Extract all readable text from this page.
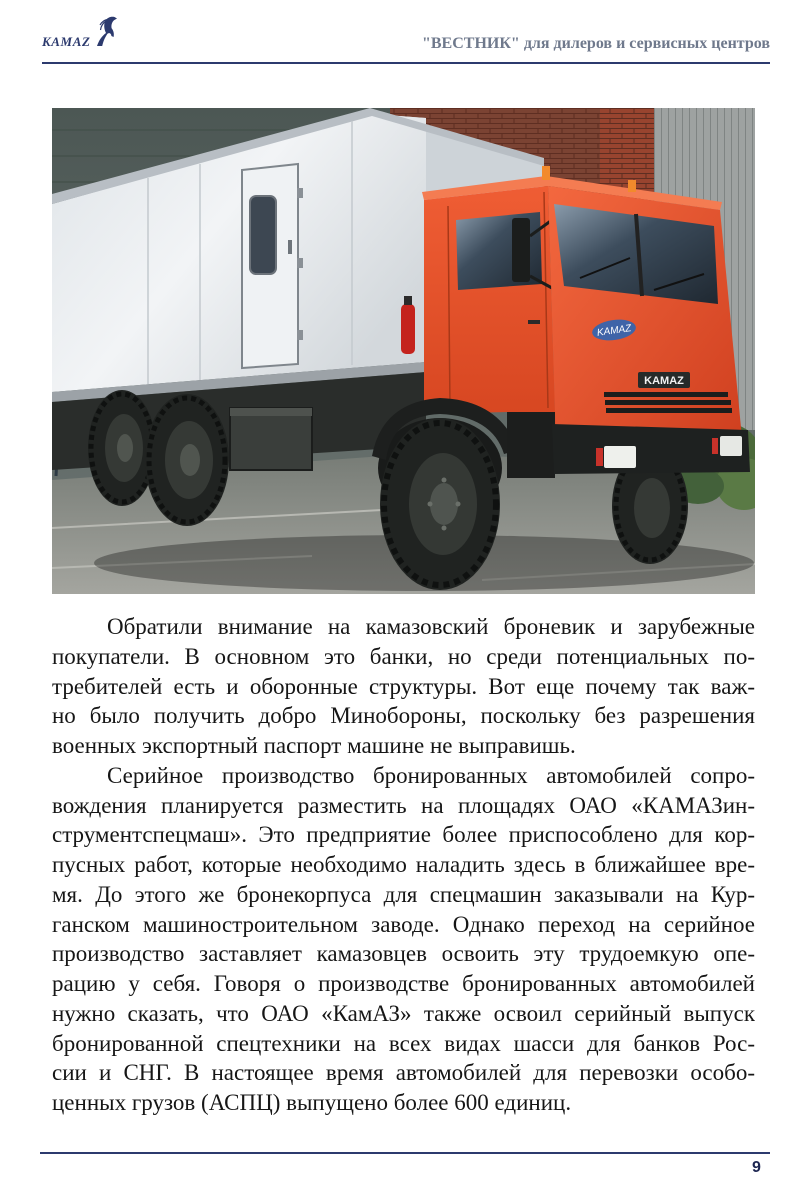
KAMAZ	"ВЕСТНИК" для дилеров и сервисных центров
KAMAZ
KAMAZ
Обратили внимание на камазовский броневик и зарубежные
покупатели. В основном это банки, но среди потенциальных по-
требителей есть и оборонные структуры. Вот еще почему так важ-
но было получить добро Минобороны, поскольку без разрешения
военных экспортный паспорт машине не выправишь.
Серийное производство бронированных автомобилей сопро-
вождения планируется разместить на площадях ОАО «КАМАЗин-
струментспецмаш». Это предприятие более приспособлено для кор-
пусных работ, которые необходимо наладить здесь в ближайшее вре-
мя. До этого же бронекорпуса для спецмашин заказывали на Кур-
ганском машиностроительном заводе. Однако переход на серийное
производство заставляет камазовцев освоить эту трудоемкую опе-
рацию у себя. Говоря о производстве бронированных автомобилей
нужно сказать, что ОАО «КамАЗ» также освоил серийный выпуск
бронированной спецтехники на всех видах шасси для банков Рос-
сии и СНГ. В настоящее время автомобилей для перевозки особо-
ценных грузов (АСПЦ) выпущено более 600 единиц.
9
